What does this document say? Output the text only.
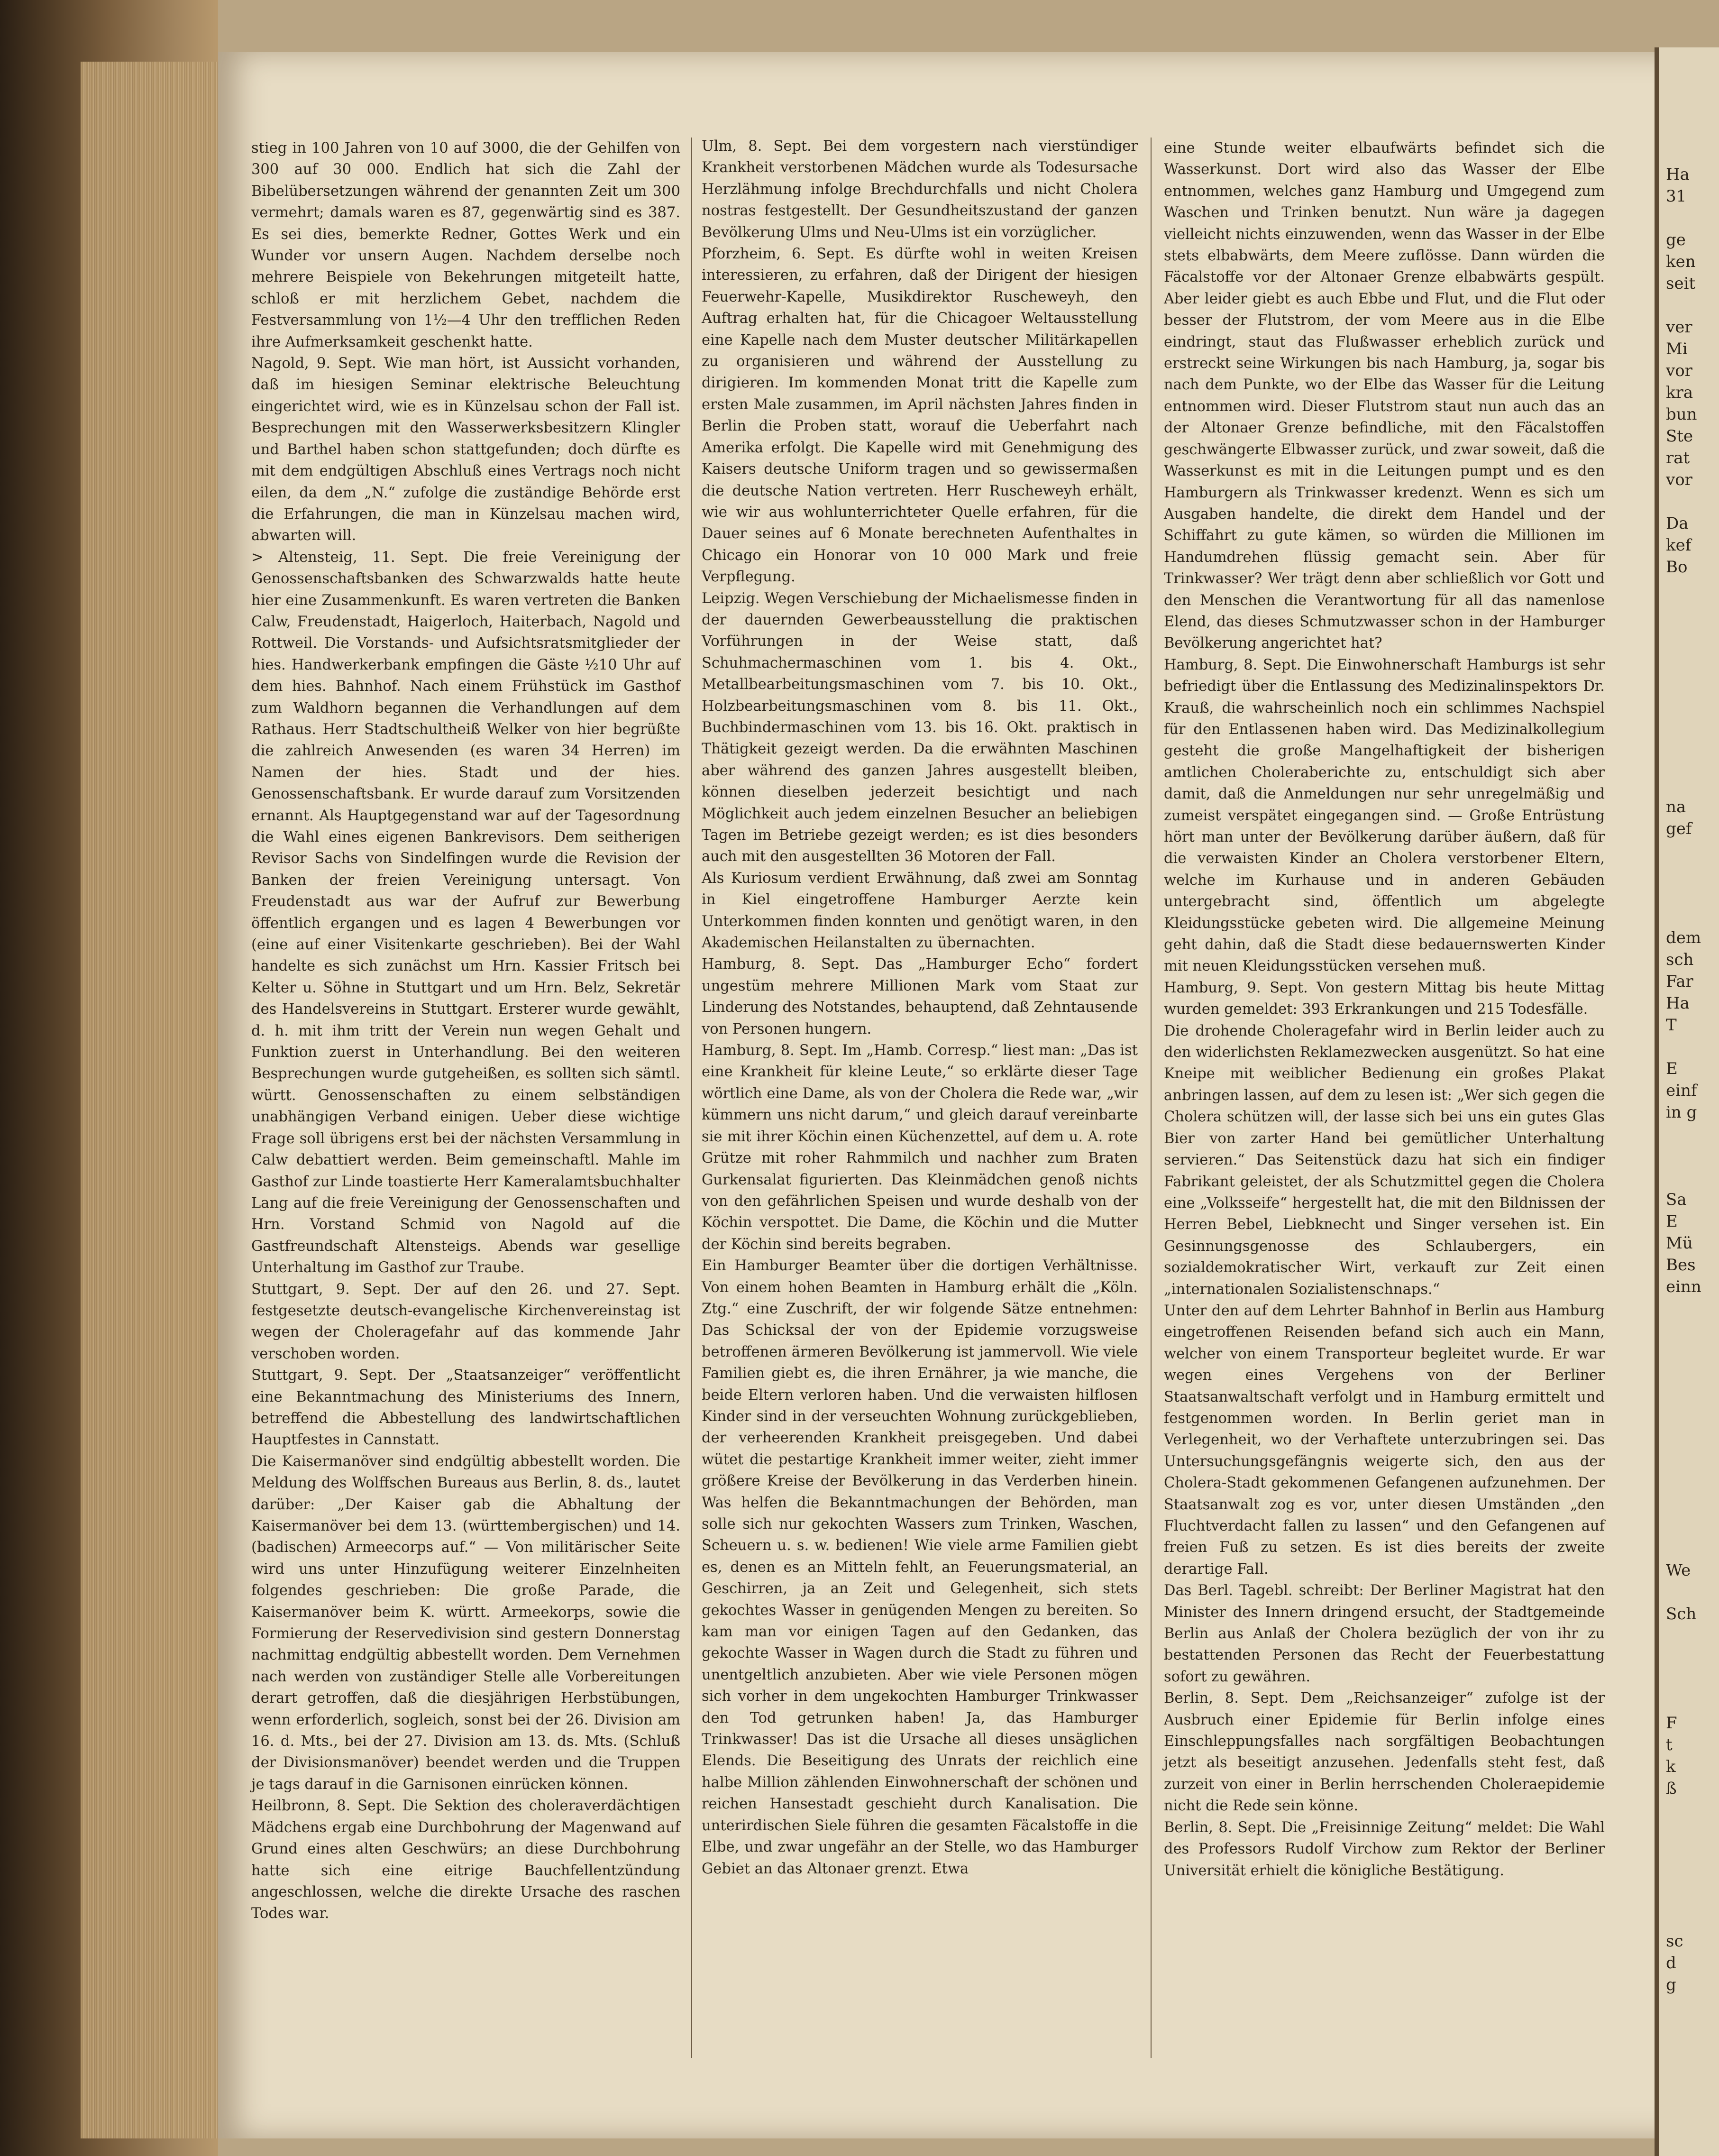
stieg in 100 Jahren von 10 auf 3000, die der Gehilfen von 300 auf 30 000. Endlich hat sich die Zahl der Bibelübersetzungen während der genannten Zeit um 300 vermehrt; damals waren es 87, gegenwärtig sind es 387. Es sei dies, bemerkte Redner, Gottes Werk und ein Wunder vor unsern Augen. Nachdem derselbe noch mehrere Beispiele von Bekehrungen mitgeteilt hatte, schloß er mit herzlichem Gebet, nachdem die Festversammlung von 1½—4 Uhr den trefflichen Reden ihre Aufmerksamkeit geschenkt hatte.

Nagold, 9. Sept. Wie man hört, ist Aussicht vorhanden, daß im hiesigen Seminar elektrische Beleuchtung eingerichtet wird, wie es in Künzelsau schon der Fall ist. Besprechungen mit den Wasserwerksbesitzern Klingler und Barthel haben schon stattgefunden; doch dürfte es mit dem endgültigen Abschluß eines Vertrags noch nicht eilen, da dem „N.“ zufolge die zuständige Behörde erst die Erfahrungen, die man in Künzelsau machen wird, abwarten will.

> Altensteig, 11. Sept. Die freie Vereinigung der Genossenschaftsbanken des Schwarzwalds hatte heute hier eine Zusammenkunft. Es waren vertreten die Banken Calw, Freudenstadt, Haigerloch, Haiterbach, Nagold und Rottweil. Die Vorstands- und Aufsichtsratsmitglieder der hies. Handwerkerbank empfingen die Gäste ½10 Uhr auf dem hies. Bahnhof. Nach einem Frühstück im Gasthof zum Waldhorn begannen die Verhandlungen auf dem Rathaus. Herr Stadtschultheiß Welker von hier begrüßte die zahlreich Anwesenden (es waren 34 Herren) im Namen der hies. Stadt und der hies. Genossenschaftsbank. Er wurde darauf zum Vorsitzenden ernannt. Als Hauptgegenstand war auf der Tagesordnung die Wahl eines eigenen Bankrevisors. Dem seitherigen Revisor Sachs von Sindelfingen wurde die Revision der Banken der freien Vereinigung untersagt. Von Freudenstadt aus war der Aufruf zur Bewerbung öffentlich ergangen und es lagen 4 Bewerbungen vor (eine auf einer Visitenkarte geschrieben). Bei der Wahl handelte es sich zunächst um Hrn. Kassier Fritsch bei Kelter u. Söhne in Stuttgart und um Hrn. Belz, Sekretär des Handelsvereins in Stuttgart. Ersterer wurde gewählt, d. h. mit ihm tritt der Verein nun wegen Gehalt und Funktion zuerst in Unterhandlung. Bei den weiteren Besprechungen wurde gutgeheißen, es sollten sich sämtl. württ. Genossenschaften zu einem selbständigen unabhängigen Verband einigen. Ueber diese wichtige Frage soll übrigens erst bei der nächsten Versammlung in Calw debattiert werden. Beim gemeinschaftl. Mahle im Gasthof zur Linde toastierte Herr Kameralamtsbuchhalter Lang auf die freie Vereinigung der Genossenschaften und Hrn. Vorstand Schmid von Nagold auf die Gastfreundschaft Altensteigs. Abends war gesellige Unterhaltung im Gasthof zur Traube.

Stuttgart, 9. Sept. Der auf den 26. und 27. Sept. festgesetzte deutsch-evangelische Kirchenvereinstag ist wegen der Choleragefahr auf das kommende Jahr verschoben worden.

Stuttgart, 9. Sept. Der „Staatsanzeiger“ veröffentlicht eine Bekanntmachung des Ministeriums des Innern, betreffend die Abbestellung des landwirtschaftlichen Hauptfestes in Cannstatt.

Die Kaisermanöver sind endgültig abbestellt worden. Die Meldung des Wolffschen Bureaus aus Berlin, 8. ds., lautet darüber: „Der Kaiser gab die Abhaltung der Kaisermanöver bei dem 13. (württembergischen) und 14. (badischen) Armeecorps auf.“ — Von militärischer Seite wird uns unter Hinzufügung weiterer Einzelnheiten folgendes geschrieben: Die große Parade, die Kaisermanöver beim K. württ. Armeekorps, sowie die Formierung der Reservedivision sind gestern Donnerstag nachmittag endgültig abbestellt worden. Dem Vernehmen nach werden von zuständiger Stelle alle Vorbereitungen derart getroffen, daß die diesjährigen Herbstübungen, wenn erforderlich, sogleich, sonst bei der 26. Division am 16. d. Mts., bei der 27. Division am 13. ds. Mts. (Schluß der Divisionsmanöver) beendet werden und die Truppen je tags darauf in die Garnisonen einrücken können.

Heilbronn, 8. Sept. Die Sektion des choleraverdächtigen Mädchens ergab eine Durchbohrung der Magenwand auf Grund eines alten Geschwürs; an diese Durchbohrung hatte sich eine eitrige Bauchfellentzündung angeschlossen, welche die direkte Ursache des raschen Todes war.

Ulm, 8. Sept. Bei dem vorgestern nach vierstündiger Krankheit verstorbenen Mädchen wurde als Todesursache Herzlähmung infolge Brechdurchfalls und nicht Cholera nostras festgestellt. Der Gesundheitszustand der ganzen Bevölkerung Ulms und Neu-Ulms ist ein vorzüglicher.

Pforzheim, 6. Sept. Es dürfte wohl in weiten Kreisen interessieren, zu erfahren, daß der Dirigent der hiesigen Feuerwehr-Kapelle, Musikdirektor Ruscheweyh, den Auftrag erhalten hat, für die Chicagoer Weltausstellung eine Kapelle nach dem Muster deutscher Militärkapellen zu organisieren und während der Ausstellung zu dirigieren. Im kommenden Monat tritt die Kapelle zum ersten Male zusammen, im April nächsten Jahres finden in Berlin die Proben statt, worauf die Ueberfahrt nach Amerika erfolgt. Die Kapelle wird mit Genehmigung des Kaisers deutsche Uniform tragen und so gewissermaßen die deutsche Nation vertreten. Herr Ruscheweyh erhält, wie wir aus wohlunterrichteter Quelle erfahren, für die Dauer seines auf 6 Monate berechneten Aufenthaltes in Chicago ein Honorar von 10 000 Mark und freie Verpflegung.

Leipzig. Wegen Verschiebung der Michaelismesse finden in der dauernden Gewerbeausstellung die praktischen Vorführungen in der Weise statt, daß Schuhmachermaschinen vom 1. bis 4. Okt., Metallbearbeitungsmaschinen vom 7. bis 10. Okt., Holzbearbeitungsmaschinen vom 8. bis 11. Okt., Buchbindermaschinen vom 13. bis 16. Okt. praktisch in Thätigkeit gezeigt werden. Da die erwähnten Maschinen aber während des ganzen Jahres ausgestellt bleiben, können dieselben jederzeit besichtigt und nach Möglichkeit auch jedem einzelnen Besucher an beliebigen Tagen im Betriebe gezeigt werden; es ist dies besonders auch mit den ausgestellten 36 Motoren der Fall.

Als Kuriosum verdient Erwähnung, daß zwei am Sonntag in Kiel eingetroffene Hamburger Aerzte kein Unterkommen finden konnten und genötigt waren, in den Akademischen Heilanstalten zu übernachten.

Hamburg, 8. Sept. Das „Hamburger Echo“ fordert ungestüm mehrere Millionen Mark vom Staat zur Linderung des Notstandes, behauptend, daß Zehntausende von Personen hungern.

Hamburg, 8. Sept. Im „Hamb. Corresp.“ liest man: „Das ist eine Krankheit für kleine Leute,“ so erklärte dieser Tage wörtlich eine Dame, als von der Cholera die Rede war, „wir kümmern uns nicht darum,“ und gleich darauf vereinbarte sie mit ihrer Köchin einen Küchenzettel, auf dem u. A. rote Grütze mit roher Rahmmilch und nachher zum Braten Gurkensalat figurierten. Das Kleinmädchen genoß nichts von den gefährlichen Speisen und wurde deshalb von der Köchin verspottet. Die Dame, die Köchin und die Mutter der Köchin sind bereits begraben.

Ein Hamburger Beamter über die dortigen Verhältnisse. Von einem hohen Beamten in Hamburg erhält die „Köln. Ztg.“ eine Zuschrift, der wir folgende Sätze entnehmen: Das Schicksal der von der Epidemie vorzugsweise betroffenen ärmeren Bevölkerung ist jammervoll. Wie viele Familien giebt es, die ihren Ernährer, ja wie manche, die beide Eltern verloren haben. Und die verwaisten hilflosen Kinder sind in der verseuchten Wohnung zurückgeblieben, der verheerenden Krankheit preisgegeben. Und dabei wütet die pestartige Krankheit immer weiter, zieht immer größere Kreise der Bevölkerung in das Verderben hinein. Was helfen die Bekanntmachungen der Behörden, man solle sich nur gekochten Wassers zum Trinken, Waschen, Scheuern u. s. w. bedienen! Wie viele arme Familien giebt es, denen es an Mitteln fehlt, an Feuerungsmaterial, an Geschirren, ja an Zeit und Gelegenheit, sich stets gekochtes Wasser in genügenden Mengen zu bereiten. So kam man vor einigen Tagen auf den Gedanken, das gekochte Wasser in Wagen durch die Stadt zu führen und unentgeltlich anzubieten. Aber wie viele Personen mögen sich vorher in dem ungekochten Hamburger Trinkwasser den Tod getrunken haben! Ja, das Hamburger Trinkwasser! Das ist die Ursache all dieses unsäglichen Elends. Die Beseitigung des Unrats der reichlich eine halbe Million zählenden Einwohnerschaft der schönen und reichen Hansestadt geschieht durch Kanalisation. Die unterirdischen Siele führen die gesamten Fäcalstoffe in die Elbe, und zwar ungefähr an der Stelle, wo das Hamburger Gebiet an das Altonaer grenzt. Etwa

eine Stunde weiter elbaufwärts befindet sich die Wasserkunst. Dort wird also das Wasser der Elbe entnommen, welches ganz Hamburg und Umgegend zum Waschen und Trinken benutzt. Nun wäre ja dagegen vielleicht nichts einzuwenden, wenn das Wasser in der Elbe stets elbabwärts, dem Meere zuflösse. Dann würden die Fäcalstoffe vor der Altonaer Grenze elbabwärts gespült. Aber leider giebt es auch Ebbe und Flut, und die Flut oder besser der Flutstrom, der vom Meere aus in die Elbe eindringt, staut das Flußwasser erheblich zurück und erstreckt seine Wirkungen bis nach Hamburg, ja, sogar bis nach dem Punkte, wo der Elbe das Wasser für die Leitung entnommen wird. Dieser Flutstrom staut nun auch das an der Altonaer Grenze befindliche, mit den Fäcalstoffen geschwängerte Elbwasser zurück, und zwar soweit, daß die Wasserkunst es mit in die Leitungen pumpt und es den Hamburgern als Trinkwasser kredenzt. Wenn es sich um Ausgaben handelte, die direkt dem Handel und der Schiffahrt zu gute kämen, so würden die Millionen im Handumdrehen flüssig gemacht sein. Aber für Trinkwasser? Wer trägt denn aber schließlich vor Gott und den Menschen die Verantwortung für all das namenlose Elend, das dieses Schmutzwasser schon in der Hamburger Bevölkerung angerichtet hat?

Hamburg, 8. Sept. Die Einwohnerschaft Hamburgs ist sehr befriedigt über die Entlassung des Medizinalinspektors Dr. Krauß, die wahrscheinlich noch ein schlimmes Nachspiel für den Entlassenen haben wird. Das Medizinalkollegium gesteht die große Mangelhaftigkeit der bisherigen amtlichen Choleraberichte zu, entschuldigt sich aber damit, daß die Anmeldungen nur sehr unregelmäßig und zumeist verspätet eingegangen sind. — Große Entrüstung hört man unter der Bevölkerung darüber äußern, daß für die verwaisten Kinder an Cholera verstorbener Eltern, welche im Kurhause und in anderen Gebäuden untergebracht sind, öffentlich um abgelegte Kleidungsstücke gebeten wird. Die allgemeine Meinung geht dahin, daß die Stadt diese bedauernswerten Kinder mit neuen Kleidungsstücken versehen muß.

Hamburg, 9. Sept. Von gestern Mittag bis heute Mittag wurden gemeldet: 393 Erkrankungen und 215 Todesfälle.

Die drohende Choleragefahr wird in Berlin leider auch zu den widerlichsten Reklamezwecken ausgenützt. So hat eine Kneipe mit weiblicher Bedienung ein großes Plakat anbringen lassen, auf dem zu lesen ist: „Wer sich gegen die Cholera schützen will, der lasse sich bei uns ein gutes Glas Bier von zarter Hand bei gemütlicher Unterhaltung servieren.“ Das Seitenstück dazu hat sich ein findiger Fabrikant geleistet, der als Schutzmittel gegen die Cholera eine „Volksseife“ hergestellt hat, die mit den Bildnissen der Herren Bebel, Liebknecht und Singer versehen ist. Ein Gesinnungsgenosse des Schlaubergers, ein sozialdemokratischer Wirt, verkauft zur Zeit einen „internationalen Sozialistenschnaps.“

Unter den auf dem Lehrter Bahnhof in Berlin aus Hamburg eingetroffenen Reisenden befand sich auch ein Mann, welcher von einem Transporteur begleitet wurde. Er war wegen eines Vergehens von der Berliner Staatsanwaltschaft verfolgt und in Hamburg ermittelt und festgenommen worden. In Berlin geriet man in Verlegenheit, wo der Verhaftete unterzubringen sei. Das Untersuchungsgefängnis weigerte sich, den aus der Cholera-Stadt gekommenen Gefangenen aufzunehmen. Der Staatsanwalt zog es vor, unter diesen Umständen „den Fluchtverdacht fallen zu lassen“ und den Gefangenen auf freien Fuß zu setzen. Es ist dies bereits der zweite derartige Fall.

Das Berl. Tagebl. schreibt: Der Berliner Magistrat hat den Minister des Innern dringend ersucht, der Stadtgemeinde Berlin aus Anlaß der Cholera bezüglich der von ihr zu bestattenden Personen das Recht der Feuerbestattung sofort zu gewähren.

Berlin, 8. Sept. Dem „Reichsanzeiger“ zufolge ist der Ausbruch einer Epidemie für Berlin infolge eines Einschleppungsfalles nach sorgfältigen Beobachtungen jetzt als beseitigt anzusehen. Jedenfalls steht fest, daß zurzeit von einer in Berlin herrschenden Choleraepidemie nicht die Rede sein könne.

Berlin, 8. Sept. Die „Freisinnige Zeitung“ meldet: Die Wahl des Professors Rudolf Virchow zum Rektor der Berliner Universität erhielt die königliche Bestätigung.

Ha
31

ge
ken
seit

ver
Mi
vor
kra
bun
Ste
rat
vor

Da
kef
Bo

na
gef

dem
sch
Far
Ha
T

E
einf
in g

Sa
E
Mü
Bes
einn

We

Sch

F
t
k
ß

sc
d
g
